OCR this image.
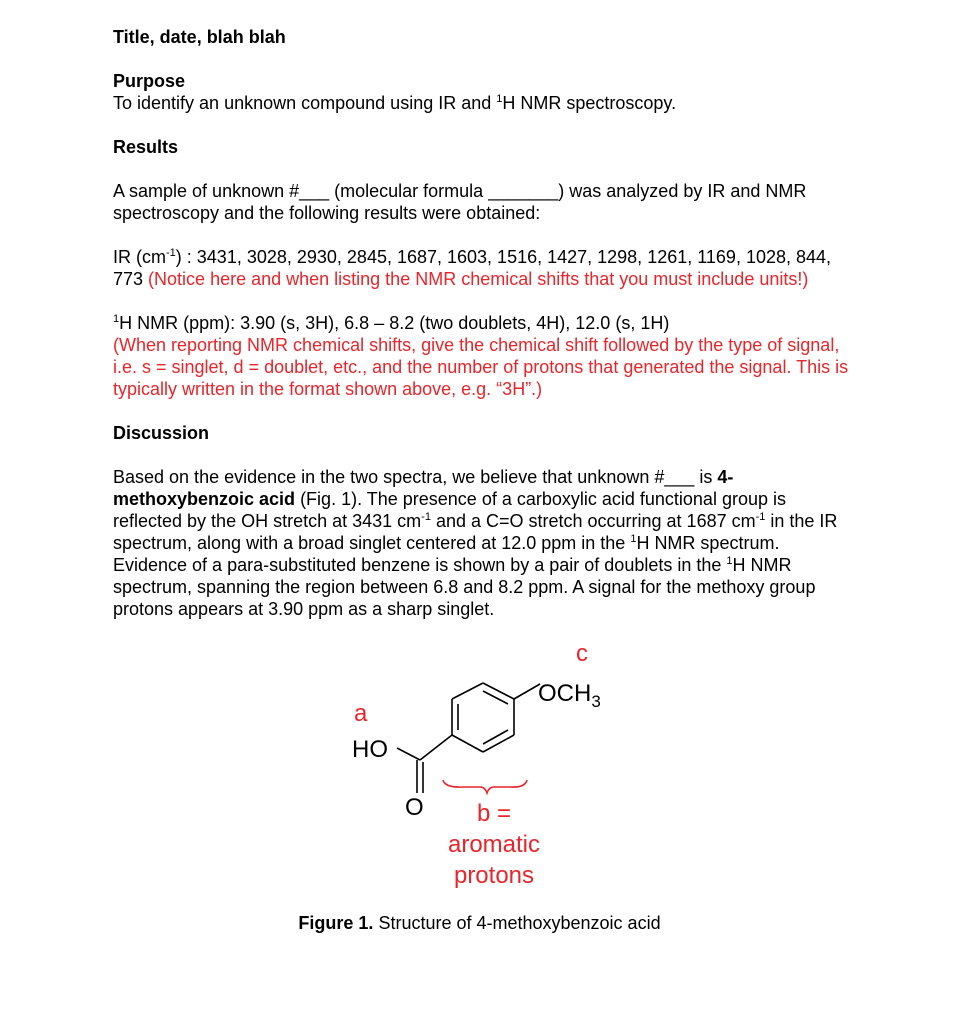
Title, date, blah blah

Purpose

To identify an unknown compound using IR and $^1$H NMR spectroscopy.

Results

A sample of unknown #___ (molecular formula _______) was analyzed by IR and NMR spectroscopy and the following results were obtained:

IR $(cm^{-1})$ : 3431, 3028, 2930, 2845, 1687, 1603, 1516, 1427, 1298, 1261, 1169, 1028, 844, 773 (Notice here and when listing the NMR chemical shifts that you must include units!)

$^1$H NMR (ppm): 3.90 (s, 3H), 6.8 – 8.2 (two doublets, 4H), 12.0 (s, 1H)

(When reporting NMR chemical shifts, give the chemical shift followed by the type of signal, i.e. s = singlet, d = doublet, etc., and the number of protons that generated the signal. This is typically written in the format shown above, e.g. “3H”.)

Discussion

Based on the evidence in the two spectra, we believe that unknown #___ is 4-methoxybenzoic acid (Fig. 1). The presence of a carboxylic acid functional group is reflected by the OH stretch at 3431 $cm^{-1}$ and a C=O stretch occurring at 1687 $cm^{-1}$ in the IR spectrum, along with a broad singlet centered at 12.0 ppm in the $^1$H NMR spectrum. Evidence of a para-substituted benzene is shown by a pair of doublets in the $^1$H NMR spectrum, spanning the region between 6.8 and 8.2 ppm. A signal for the methoxy group protons appears at 3.90 ppm as a sharp singlet.

c
$OCH_3$
a
HO
O	b =
aromatic
protons
Figure 1. Structure of 4-methoxybenzoic acid
